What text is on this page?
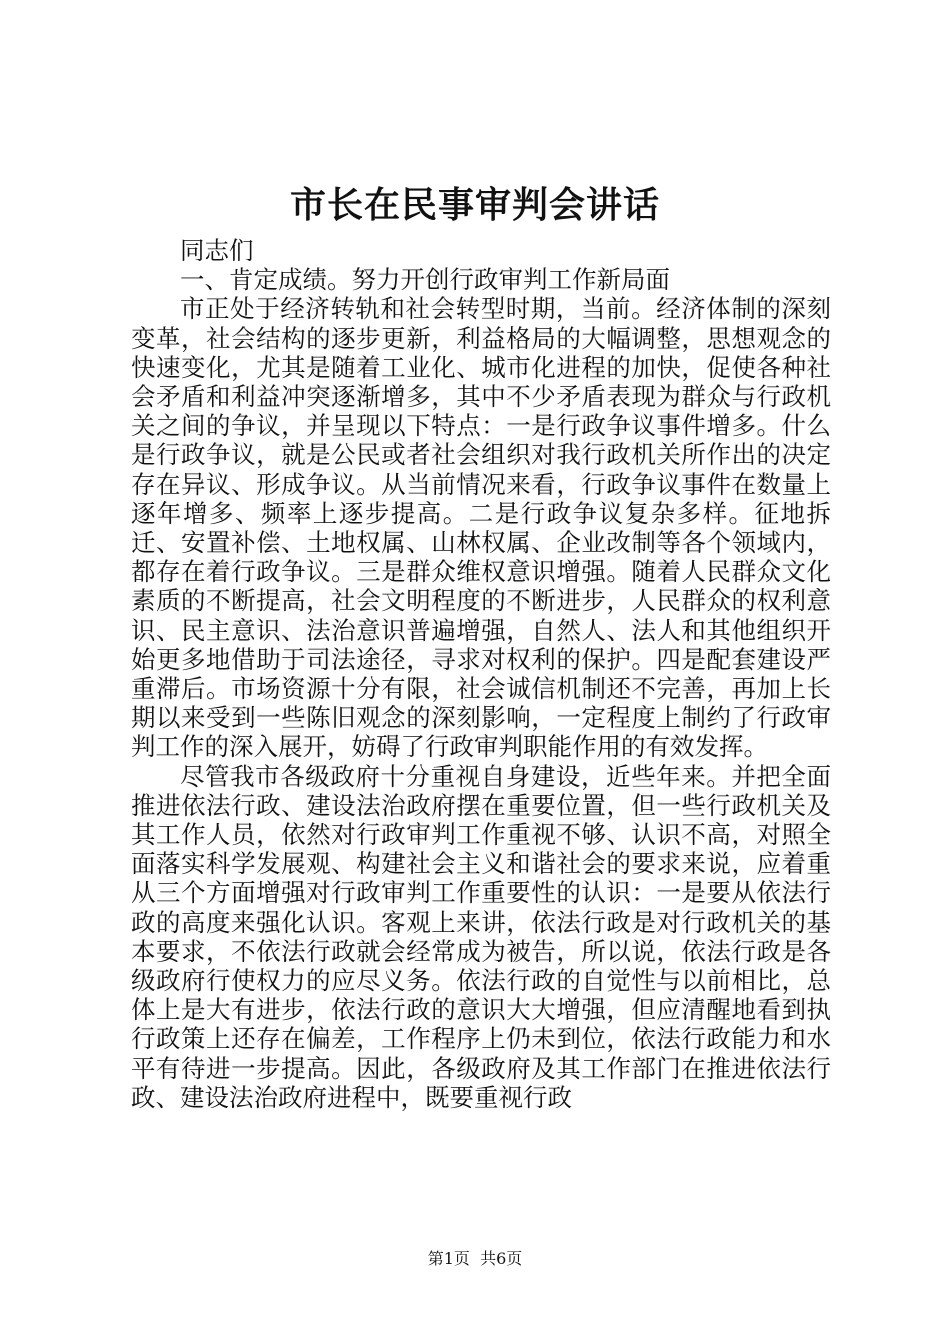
市长在民事审判会讲话

同志们

一、肯定成绩。努力开创行政审判工作新局面

市正处于经济转轨和社会转型时期，当前。经济体制的深刻变革，社会结构的逐步更新，利益格局的大幅调整，思想观念的快速变化，尤其是随着工业化、城市化进程的加快，促使各种社会矛盾和利益冲突逐渐增多，其中不少矛盾表现为群众与行政机关之间的争议，并呈现以下特点：一是行政争议事件增多。什么是行政争议，就是公民或者社会组织对我行政机关所作出的决定存在异议、形成争议。从当前情况来看，行政争议事件在数量上逐年增多、频率上逐步提高。二是行政争议复杂多样。征地拆迁、安置补偿、土地权属、山林权属、企业改制等各个领域内，都存在着行政争议。三是群众维权意识增强。随着人民群众文化素质的不断提高，社会文明程度的不断进步，人民群众的权利意识、民主意识、法治意识普遍增强，自然人、法人和其他组织开始更多地借助于司法途径，寻求对权利的保护。四是配套建设严重滞后。市场资源十分有限，社会诚信机制还不完善，再加上长期以来受到一些陈旧观念的深刻影响，一定程度上制约了行政审判工作的深入展开，妨碍了行政审判职能作用的有效发挥。

尽管我市各级政府十分重视自身建设，近些年来。并把全面推进依法行政、建设法治政府摆在重要位置，但一些行政机关及其工作人员，依然对行政审判工作重视不够、认识不高，对照全面落实科学发展观、构建社会主义和谐社会的要求来说，应着重从三个方面增强对行政审判工作重要性的认识：一是要从依法行政的高度来强化认识。客观上来讲，依法行政是对行政机关的基本要求，不依法行政就会经常成为被告，所以说，依法行政是各级政府行使权力的应尽义务。依法行政的自觉性与以前相比，总体上是大有进步，依法行政的意识大大增强，但应清醒地看到执行政策上还存在偏差，工作程序上仍未到位，依法行政能力和水平有待进一步提高。因此，各级政府及其工作部门在推进依法行政、建设法治政府进程中，既要重视行政

第1页 共6页
